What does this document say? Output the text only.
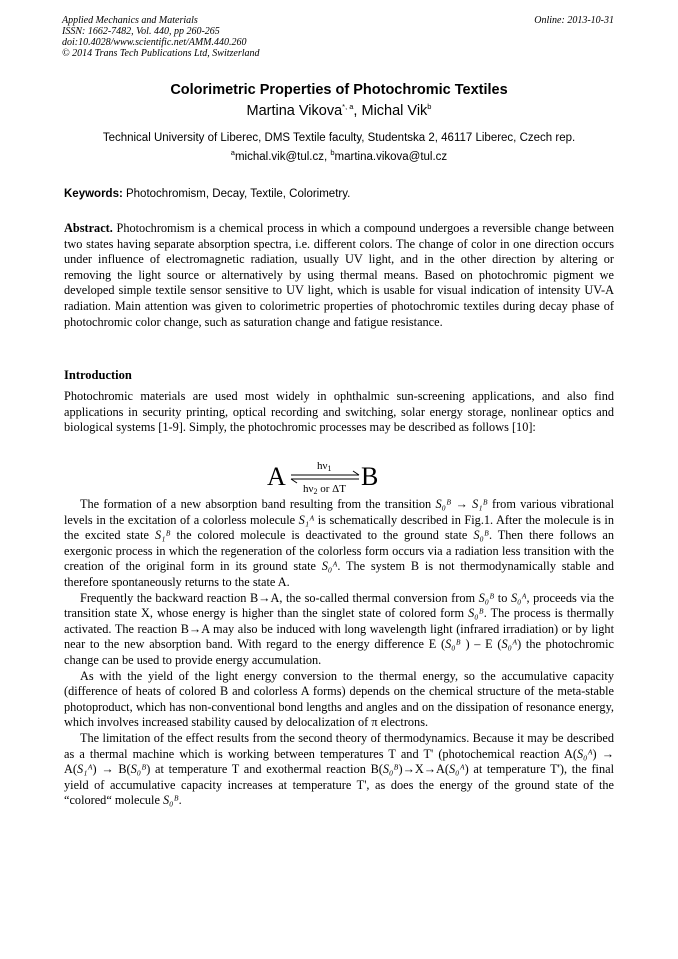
Applied Mechanics and Materials
ISSN: 1662-7482, Vol. 440, pp 260-265
doi:10.4028/www.scientific.net/AMM.440.260
© 2014 Trans Tech Publications Ltd, Switzerland
Online: 2013-10-31
Colorimetric Properties of Photochromic Textiles
Martina Vikova$^{*, a}$, Michal Vik$^b$
Technical University of Liberec, DMS Textile faculty, Studentska 2, 46117 Liberec, Czech rep.
$^a$michal.vik@tul.cz, $^b$martina.vikova@tul.cz
Keywords: Photochromism, Decay, Textile, Colorimetry.

Abstract. Photochromism is a chemical process in which a compound undergoes a reversible change between two states having separate absorption spectra, i.e. different colors. The change of color in one direction occurs under influence of electromagnetic radiation, usually UV light, and in the other direction by altering or removing the light source or alternatively by using thermal means. Based on photochromic pigment we developed simple textile sensor sensitive to UV light, which is usable for visual indication of intensity UV-A radiation. Main attention was given to colorimetric properties of photochromic textiles during decay phase of photochromic color change, such as saturation change and fatigue resistance.

Introduction

Photochromic materials are used most widely in ophthalmic sun-screening applications, and also find applications in security printing, optical recording and switching, solar energy storage, nonlinear optics and biological systems [1-9]. Simply, the photochromic processes may be described as follows [10]:

A	B
hν1
hν2 or ΔT

The formation of a new absorption band resulting from the transition S₀ᴮ → S₁ᴮ from various vibrational levels in the excitation of a colorless molecule S₁ᴬ is schematically described in Fig.1. After the molecule is in the excited state S₁ᴮ the colored molecule is deactivated to the ground state S₀ᴮ. Then there follows an exergonic process in which the regeneration of the colorless form occurs via a radiation less transition with the creation of the original form in its ground state S₀ᴬ. The system B is not thermodynamically stable and therefore spontaneously returns to the state A.

Frequently the backward reaction B→A, the so-called thermal conversion from S₀ᴮ to S₀ᴬ, proceeds via the transition state X, whose energy is higher than the singlet state of colored form S₀ᴮ. The process is thermally activated. The reaction B→A may also be induced with long wavelength light (infrared irradiation) or by light near to the new absorption band. With regard to the energy difference E (S₀ᴮ ) – E (S₀ᴬ) the photochromic change can be used to provide energy accumulation.

As with the yield of the light energy conversion to the thermal energy, so the accumulative capacity (difference of heats of colored B and colorless A forms) depends on the chemical structure of the meta-stable photoproduct, which has non-conventional bond lengths and angles and on the dissipation of resonance energy, which involves increased stability caused by delocalization of π electrons.

The limitation of the effect results from the second theory of thermodynamics. Because it may be described as a thermal machine which is working between temperatures T and T' (photochemical reaction A(S₀ᴬ) → A(S₁ᴬ) → B(S₀ᴮ) at temperature T and exothermal reaction B(S₀ᴮ)→X→A(S₀ᴬ) at temperature T'), the final yield of accumulative capacity increases at temperature T', as does the energy of the ground state of the “colored“ molecule S₀ᴮ.
